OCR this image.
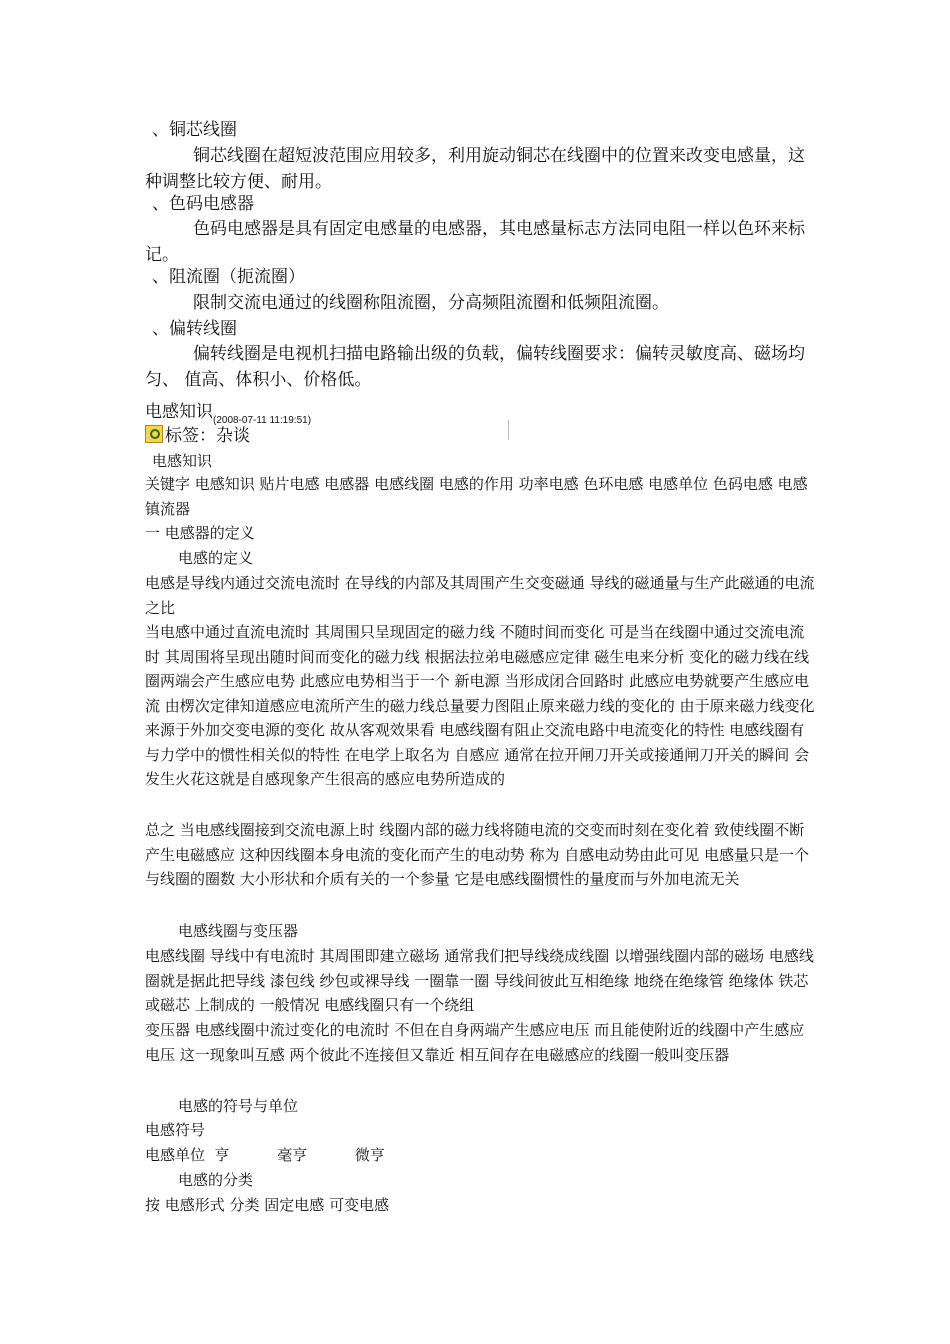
、铜芯线圈
铜芯线圈在超短波范围应用较多，利用旋动铜芯在线圈中的位置来改变电感量，这种调整比较方便、耐用。
、色码电感器
色码电感器是具有固定电感量的电感器，其电感量标志方法同电阻一样以色环来标记。
、阻流圈（扼流圈）
限制交流电通过的线圈称阻流圈，分高频阻流圈和低频阻流圈。
、偏转线圈
偏转线圈是电视机扫描电路输出级的负载，偏转线圈要求：偏转灵敏度高、磁场均匀、 值高、体积小、价格低。
电感知识$_{(2008-07-11 11:19:51)}$
标签：杂谈
电感知识
关键字 电感知识 贴片电感 电感器 电感线圈 电感的作用 功率电感 色环电感 电感单位 色码电感 电感镇流器
一 电感器的定义
电感的定义
电感是导线内通过交流电流时 在导线的内部及其周围产生交变磁通 导线的磁通量与生产此磁通的电流之比
当电感中通过直流电流时 其周围只呈现固定的磁力线 不随时间而变化 可是当在线圈中通过交流电流时 其周围将呈现出随时间而变化的磁力线 根据法拉弟电磁感应定律 磁生电来分析 变化的磁力线在线圈两端会产生感应电势 此感应电势相当于一个 新电源 当形成闭合回路时 此感应电势就要产生感应电流 由楞次定律知道感应电流所产生的磁力线总量要力图阻止原来磁力线的变化的 由于原来磁力线变化来源于外加交变电源的变化 故从客观效果看 电感线圈有阻止交流电路中电流变化的特性 电感线圈有与力学中的惯性相关似的特性 在电学上取名为 自感应 通常在拉开闸刀开关或接通闸刀开关的瞬间 会发生火花这就是自感现象产生很高的感应电势所造成的
总之 当电感线圈接到交流电源上时 线圈内部的磁力线将随电流的交变而时刻在变化着 致使线圈不断产生电磁感应 这种因线圈本身电流的变化而产生的电动势 称为 自感电动势由此可见 电感量只是一个与线圈的圈数 大小形状和介质有关的一个参量 它是电感线圈惯性的量度而与外加电流无关
电感线圈与变压器
电感线圈 导线中有电流时 其周围即建立磁场 通常我们把导线绕成线圈 以增强线圈内部的磁场 电感线圈就是据此把导线 漆包线 纱包或裸导线 一圈靠一圈 导线间彼此互相绝缘 地绕在绝缘管 绝缘体 铁芯或磁芯 上制成的 一般情况 电感线圈只有一个绕组
变压器 电感线圈中流过变化的电流时 不但在自身两端产生感应电压 而且能使附近的线圈中产生感应电压 这一现象叫互感 两个彼此不连接但又靠近 相互间存在电磁感应的线圈一般叫变压器
电感的符号与单位
电感符号
电感单位  亨          毫亨          微亨
电感的分类
按 电感形式 分类 固定电感 可变电感
